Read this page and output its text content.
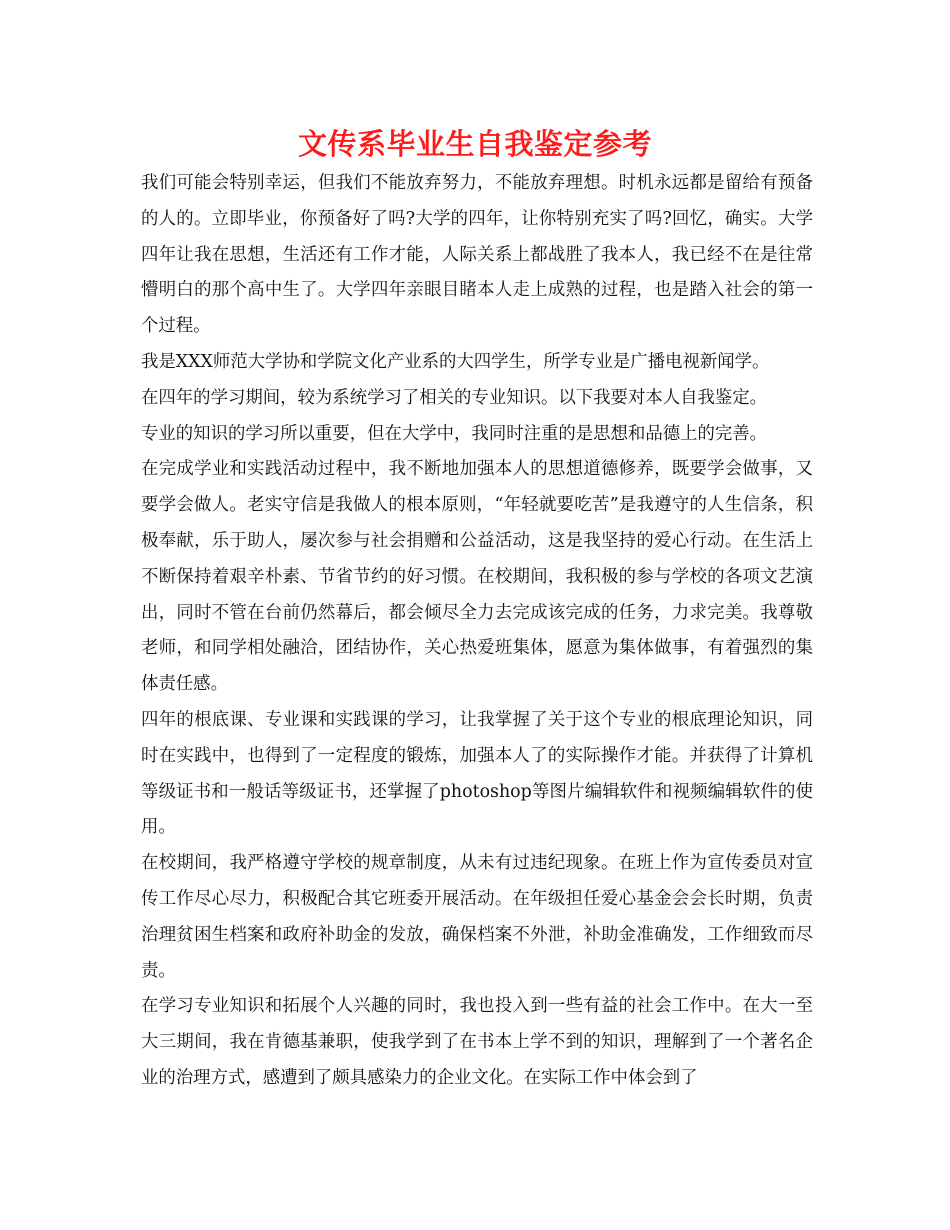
文传系毕业生自我鉴定参考

我们可能会特别幸运，但我们不能放弃努力，不能放弃理想。时机永远都是留给有预备的人的。立即毕业，你预备好了吗?大学的四年，让你特别充实了吗?回忆，确实。大学四年让我在思想，生活还有工作才能，人际关系上都战胜了我本人，我已经不在是往常懵明白的那个高中生了。大学四年亲眼目睹本人走上成熟的过程，也是踏入社会的第一个过程。

我是XXX师范大学协和学院文化产业系的大四学生，所学专业是广播电视新闻学。

在四年的学习期间，较为系统学习了相关的专业知识。以下我要对本人自我鉴定。

专业的知识的学习所以重要，但在大学中，我同时注重的是思想和品德上的完善。

在完成学业和实践活动过程中，我不断地加强本人的思想道德修养，既要学会做事，又要学会做人。老实守信是我做人的根本原则，“年轻就要吃苦”是我遵守的人生信条，积极奉献，乐于助人，屡次参与社会捐赠和公益活动，这是我坚持的爱心行动。在生活上不断保持着艰辛朴素、节省节约的好习惯。在校期间，我积极的参与学校的各项文艺演出，同时不管在台前仍然幕后，都会倾尽全力去完成该完成的任务，力求完美。我尊敬老师，和同学相处融洽，团结协作，关心热爱班集体，愿意为集体做事，有着强烈的集体责任感。

四年的根底课、专业课和实践课的学习，让我掌握了关于这个专业的根底理论知识，同时在实践中，也得到了一定程度的锻炼，加强本人了的实际操作才能。并获得了计算机等级证书和一般话等级证书，还掌握了photoshop等图片编辑软件和视频编辑软件的使用。

在校期间，我严格遵守学校的规章制度，从未有过违纪现象。在班上作为宣传委员对宣传工作尽心尽力，积极配合其它班委开展活动。在年级担任爱心基金会会长时期，负责治理贫困生档案和政府补助金的发放，确保档案不外泄，补助金准确发，工作细致而尽责。

在学习专业知识和拓展个人兴趣的同时，我也投入到一些有益的社会工作中。在大一至大三期间，我在肯德基兼职，使我学到了在书本上学不到的知识，理解到了一个著名企业的治理方式，感遭到了颇具感染力的企业文化。在实际工作中体会到了
